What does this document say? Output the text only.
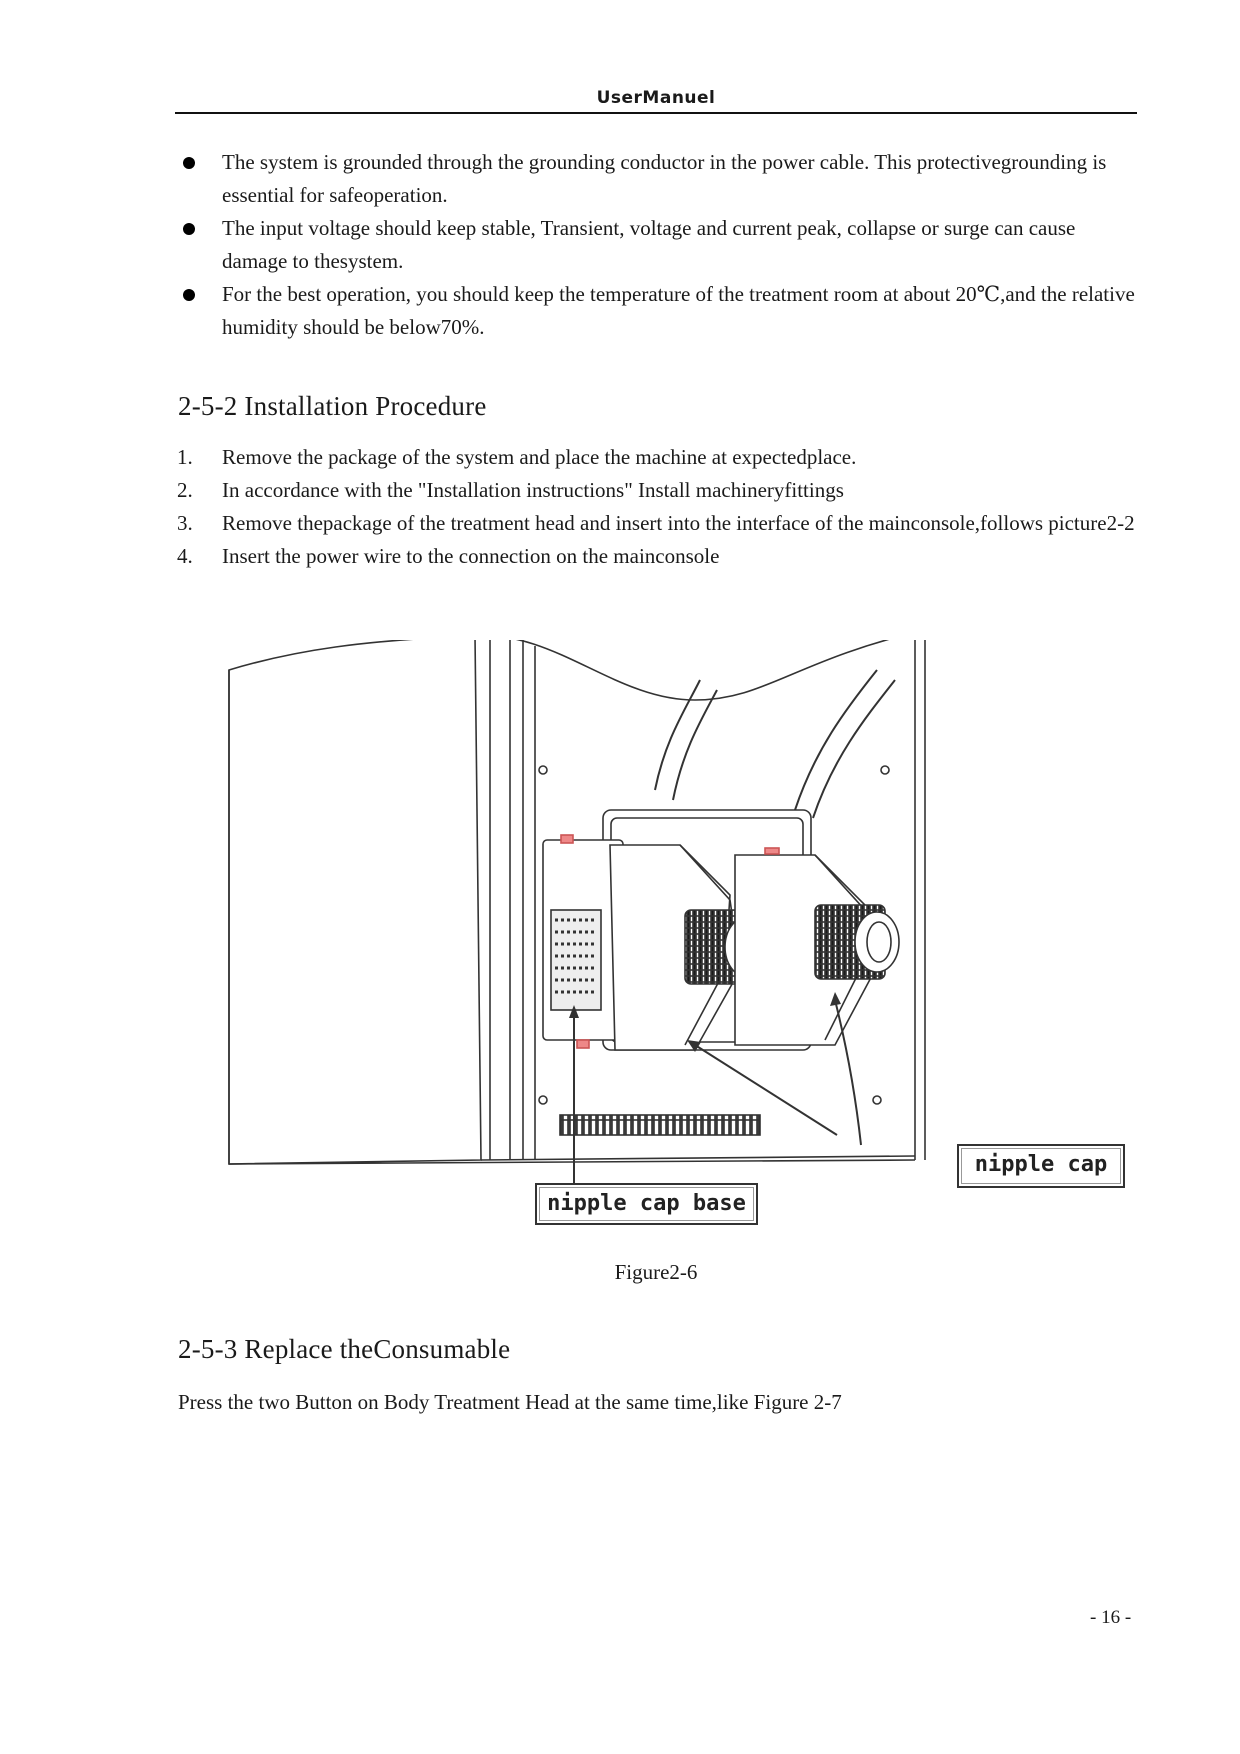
UserManuel
The system is grounded through the grounding conductor in the power cable. This protectivegrounding is essential for safeoperation.
The input voltage should keep stable, Transient, voltage and current peak, collapse or surge can cause damage to thesystem.
For the best operation, you should keep the temperature of the treatment room at about 20℃,and the relative humidity should be below70%.
2-5-2 Installation Procedure
1. Remove the package of the system and place the machine at expectedplace.
2. In accordance with the "Installation instructions" Install machineryfittings
3. Remove thepackage of the treatment head and insert into the interface of the mainconsole,follows picture2-2
4. Insert the power wire to the connection on the mainconsole
nipple cap
nipple cap base
Figure2-6
2-5-3 Replace theConsumable
Press the two Button on Body Treatment Head at the same time,like Figure 2-7
- 16 -
